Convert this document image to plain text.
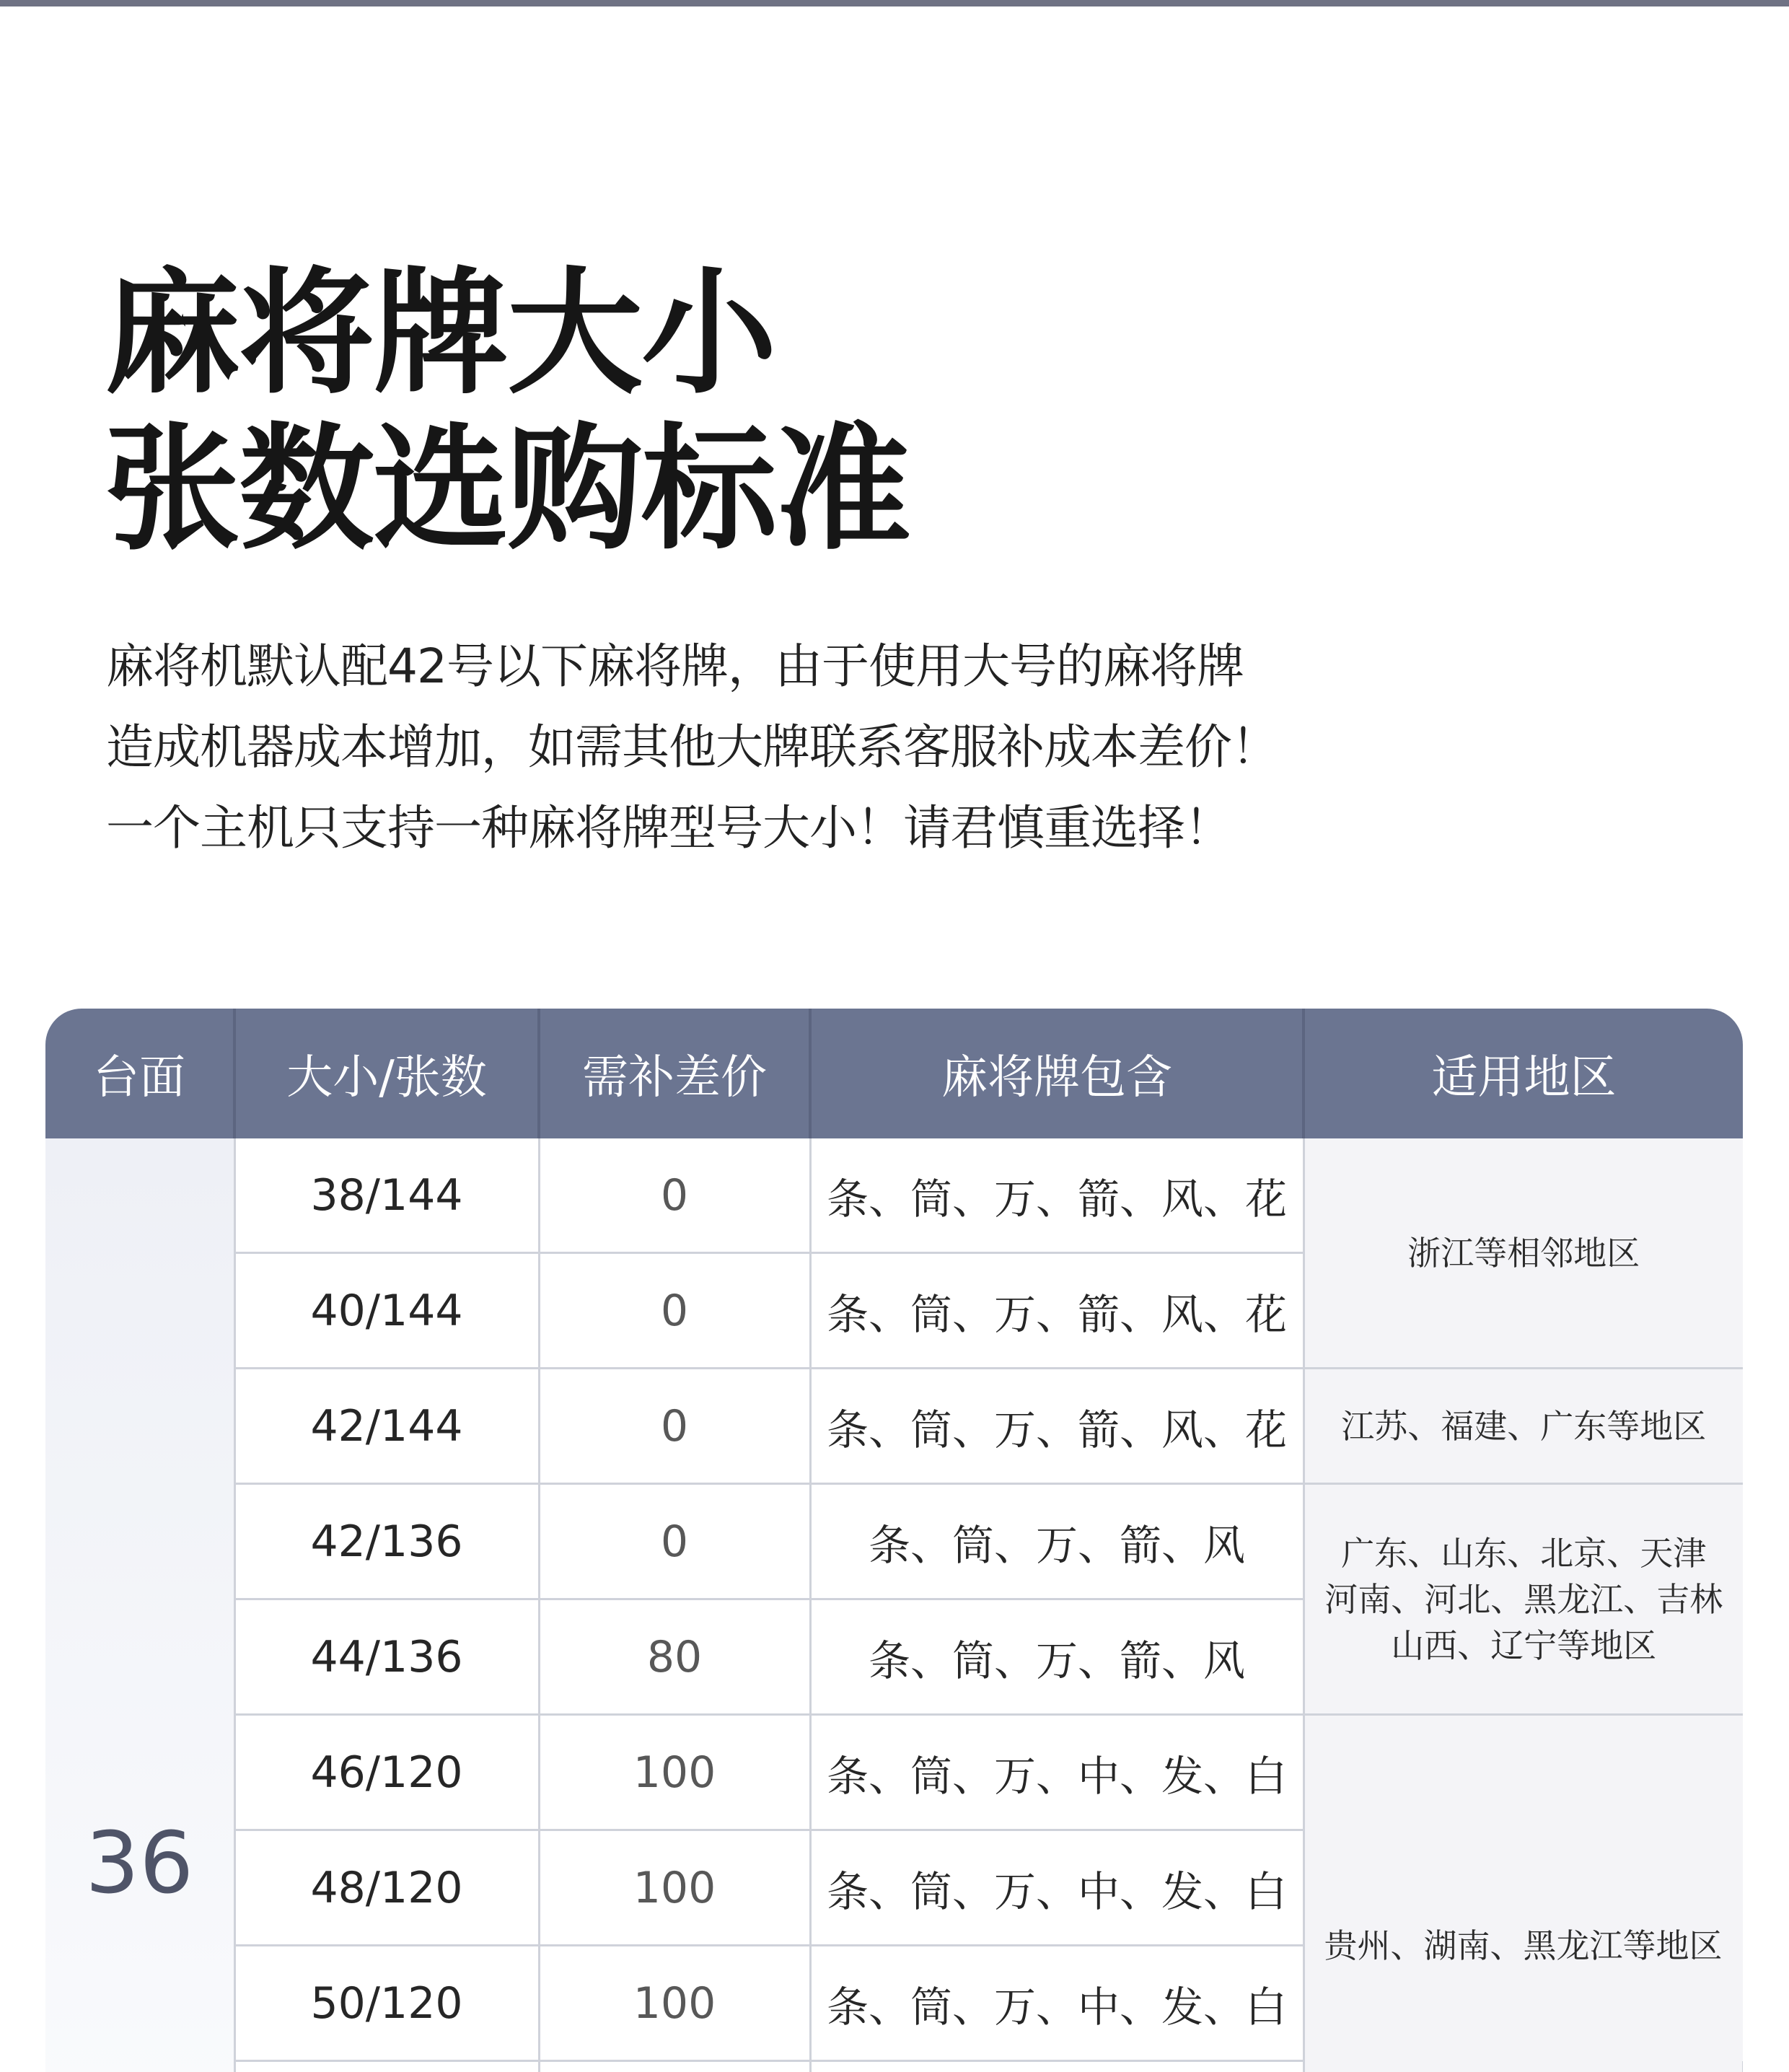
麻将牌大小
张数选购标准

麻将机默认配42号以下麻将牌，由于使用大号的麻将牌
造成机器成本增加，如需其他大牌联系客服补成本差价！
一个主机只支持一种麻将牌型号大小！请君慎重选择！

台面	大小/张数	需补差价	麻将牌包含	适用地区	
36	38/144	0	条、筒、万、箭、风、花	浙江等相邻地区	
	40/144	0	条、筒、万、箭、风、花		
	42/144	0	条、筒、万、箭、风、花	江苏、福建、广东等地区	
	42/136	0	条、筒、万、箭、风	广东、山东、北京、天津
河南、河北、黑龙江、吉林
山西、辽宁等地区	

	44/136	80	条、筒、万、箭、风		
	46/120	100	条、筒、万、中、发、白	贵州、湖南、黑龙江等地区	
	48/120	100	条、筒、万、中、发、白		
	50/120	100	条、筒、万、中、发、白		
